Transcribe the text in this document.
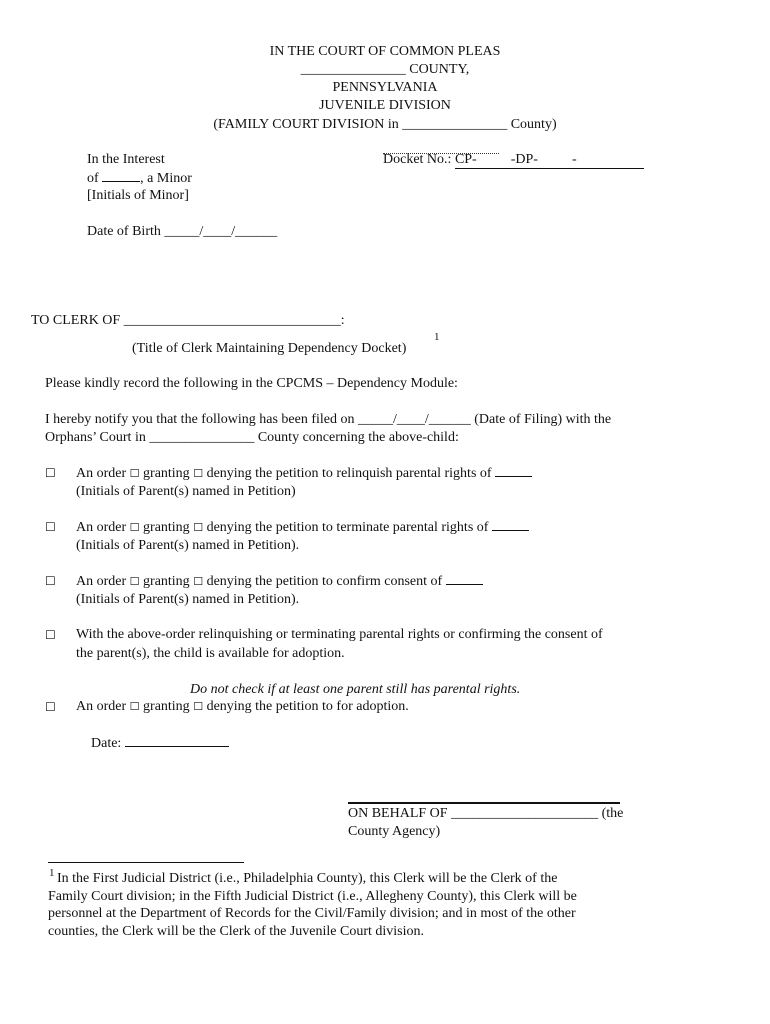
IN THE COURT OF COMMON PLEAS
_______________ COUNTY,
PENNSYLVANIA
JUVENILE DIVISION
(FAMILY COURT DIVISION in _______________ County)
In the Interest
of	, a Minor
[Initials of Minor]
Date of Birth _____/____/______
Docket No.: CP- -DP- -
TO CLERK OF _______________________________:
1
(Title of Clerk Maintaining Dependency Docket)
Please kindly record the following in the CPCMS – Dependency Module:
I hereby notify you that the following has been filed on _____/____/______ (Date of Filing) with the
Orphans’ Court in _______________ County concerning the above-child:
☐ An order ☐ granting ☐ denying the petition to relinquish parental rights of
(Initials of Parent(s) named in Petition)
☐ An order ☐ granting ☐ denying the petition to terminate parental rights of
(Initials of Parent(s) named in Petition).
☐ An order ☐ granting ☐ denying the petition to confirm consent of
(Initials of Parent(s) named in Petition).
☐ With the above-order relinquishing or terminating parental rights or confirming the consent of
the parent(s), the child is available for adoption.
Do not check if at least one parent still has parental rights.
☐ An order ☐ granting ☐ denying the petition to for adoption.
Date:
ON BEHALF OF _____________________ (the
County Agency)
1 In the First Judicial District (i.e., Philadelphia County), this Clerk will be the Clerk of the
Family Court division; in the Fifth Judicial District (i.e., Allegheny County), this Clerk will be
personnel at the Department of Records for the Civil/Family division; and in most of the other
counties, the Clerk will be the Clerk of the Juvenile Court division.
